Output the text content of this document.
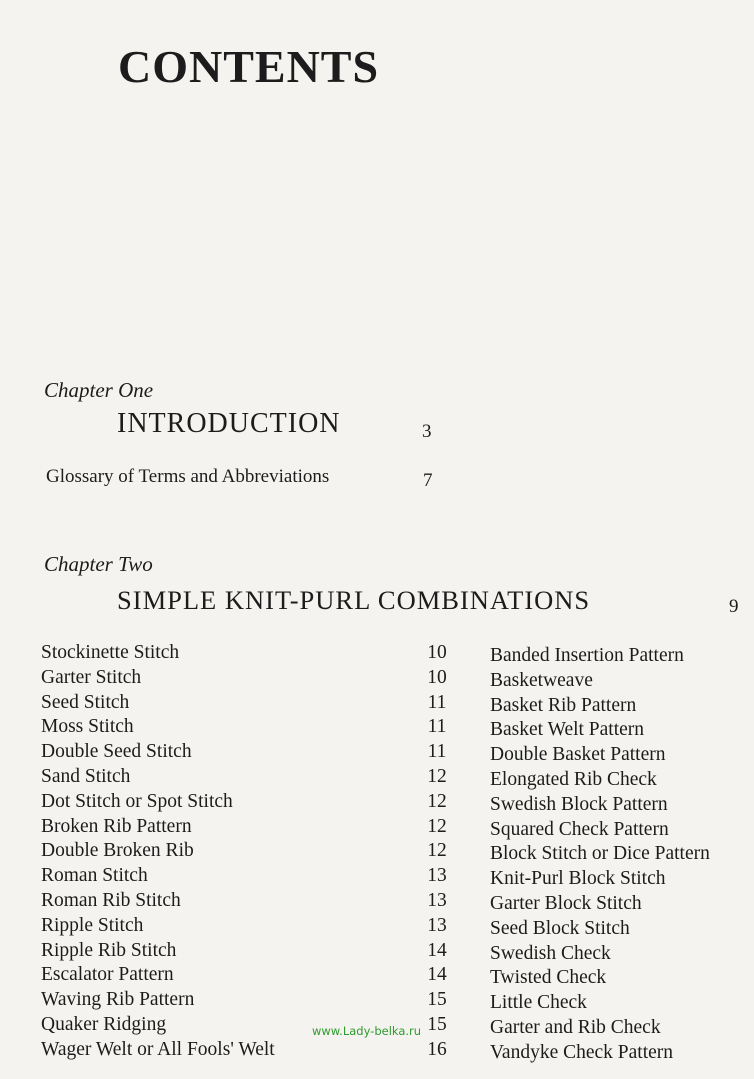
CONTENTS
Chapter One
INTRODUCTION	3
Glossary of Terms and Abbreviations	7
Chapter Two
SIMPLE KNIT-PURL COMBINATIONS	9
Stockinette Stitch	10
Garter Stitch	10
Seed Stitch	11
Moss Stitch	11
Double Seed Stitch	11
Sand Stitch	12
Dot Stitch or Spot Stitch	12
Broken Rib Pattern	12
Double Broken Rib	12
Roman Stitch	13
Roman Rib Stitch	13
Ripple Stitch	13
Ripple Rib Stitch	14
Escalator Pattern	14
Waving Rib Pattern	15
Quaker Ridging	15
Wager Welt or All Fools' Welt	16
Banded Insertion Pattern
Basketweave
Basket Rib Pattern
Basket Welt Pattern
Double Basket Pattern
Elongated Rib Check
Swedish Block Pattern
Squared Check Pattern
Block Stitch or Dice Pattern
Knit-Purl Block Stitch
Garter Block Stitch
Seed Block Stitch
Swedish Check
Twisted Check
Little Check
Garter and Rib Check
Vandyke Check Pattern
www.Lady-belka.ru
